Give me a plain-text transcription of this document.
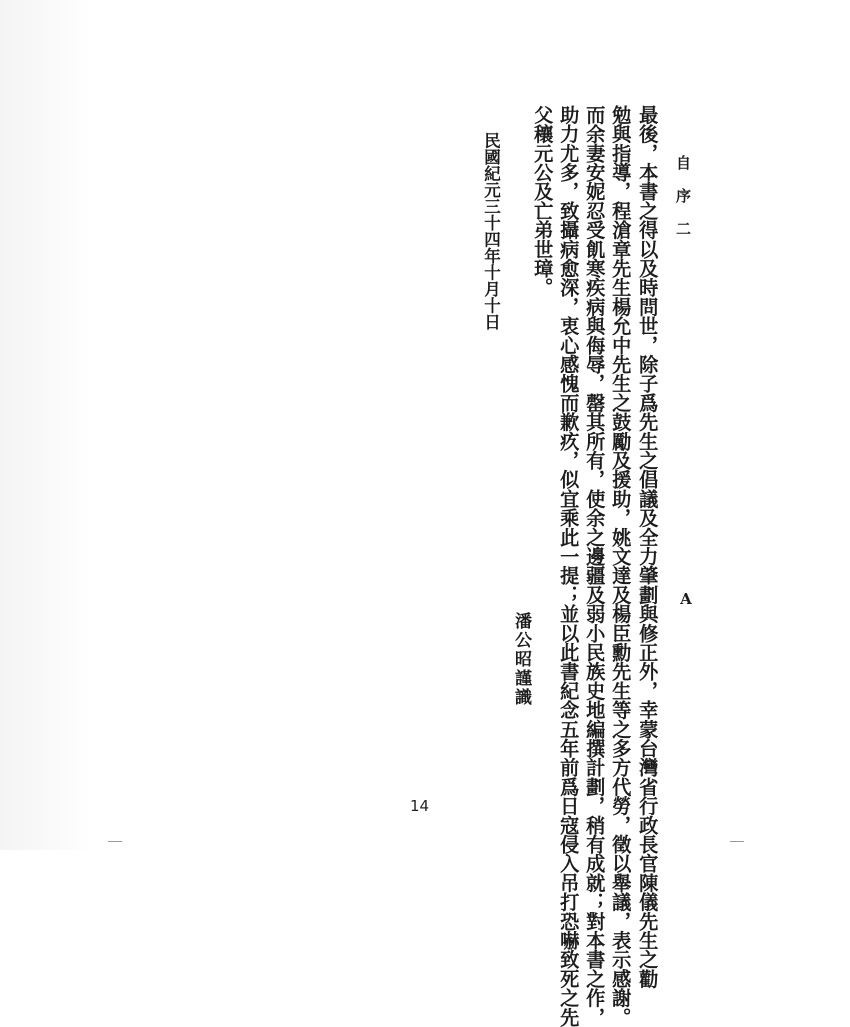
自 序 二
A
最後，本書之得以及時問世，除子爲先生之倡議及全力肇劃與修正外，幸蒙台灣省行政長官陳儀先生之勸
勉與指導，程滄章先生楊允中先生之鼓勵及援助，姚文達及楊臣勳先生等之多方代勞，徵以舉議，表示感謝。
而余妻安妮忍受飢寒疾病與侮辱，罄其所有，使余之邊疆及弱小民族史地編撰計劃，稍有成就；對本書之作，
助力尤多，致攝病愈深，衷心感愧而歉疚，似宜乘此一提；並以此書紀念五年前爲日寇侵入吊打恐嚇致死之先
父穰元公及亡弟世璋。
潘公昭謹識
民國紀元三十四年十月十日
14
